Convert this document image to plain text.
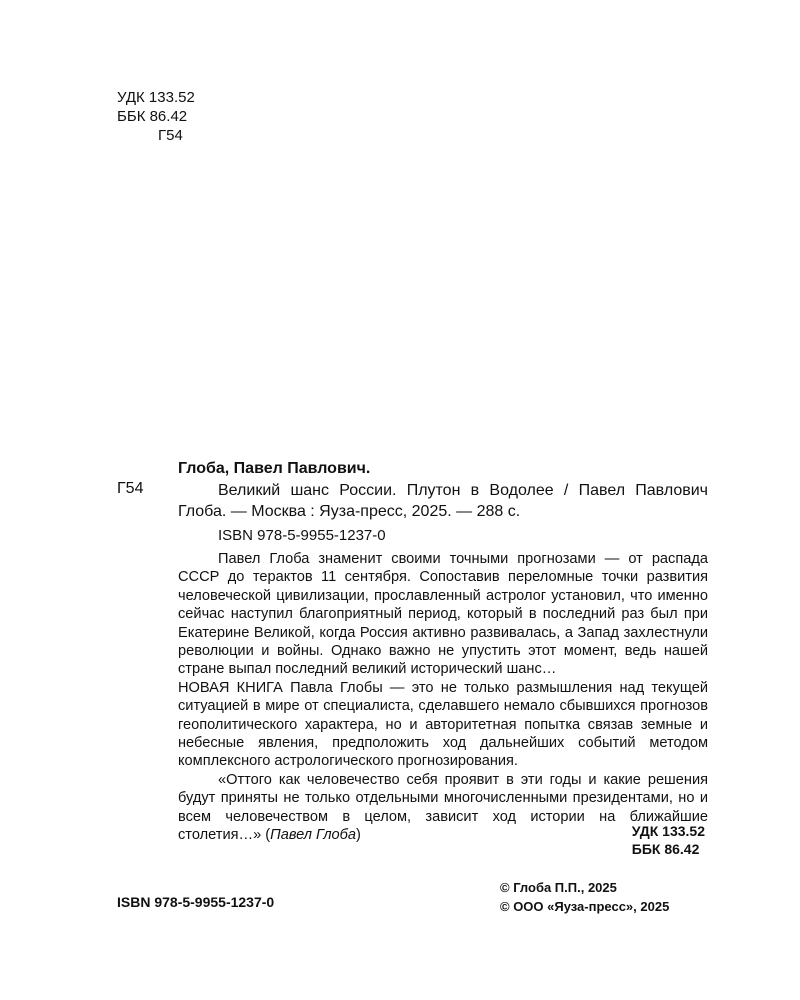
УДК 133.52
ББК 86.42
Г54
Глоба, Павел Павлович.
Г54	Великий шанс России. Плутон в Водолее / Павел Павлович Глоба. — Москва : Яуза-пресс, 2025. — 288 с.
ISBN 978-5-9955-1237-0

Павел Глоба знаменит своими точными прогнозами — от распада СССР до терактов 11 сентября. Сопоставив переломные точки развития человеческой цивилизации, прославленный астролог установил, что именно сейчас наступил благоприятный период, который в последний раз был при Екатерине Великой, когда Россия активно развивалась, а Запад захлестнули революции и войны. Однако важно не упустить этот момент, ведь нашей стране выпал последний великий исторический шанс…

НОВАЯ КНИГА Павла Глобы — это не только размышления над текущей ситуацией в мире от специалиста, сделавшего немало сбывшихся прогнозов геополитического характера, но и авторитетная попытка связав земные и небесные явления, предположить ход дальнейших событий методом комплексного астрологического прогнозирования.

«Оттого как человечество себя проявит в эти годы и какие решения будут приняты не только отдельными многочисленными президентами, но и всем человечеством в целом, зависит ход истории на ближайшие столетия…» (Павел Глоба)	УДК 133.52
ББК 86.42
ISBN 978-5-9955-1237-0
© Глоба П.П., 2025
© ООО «Яуза-пресс», 2025
